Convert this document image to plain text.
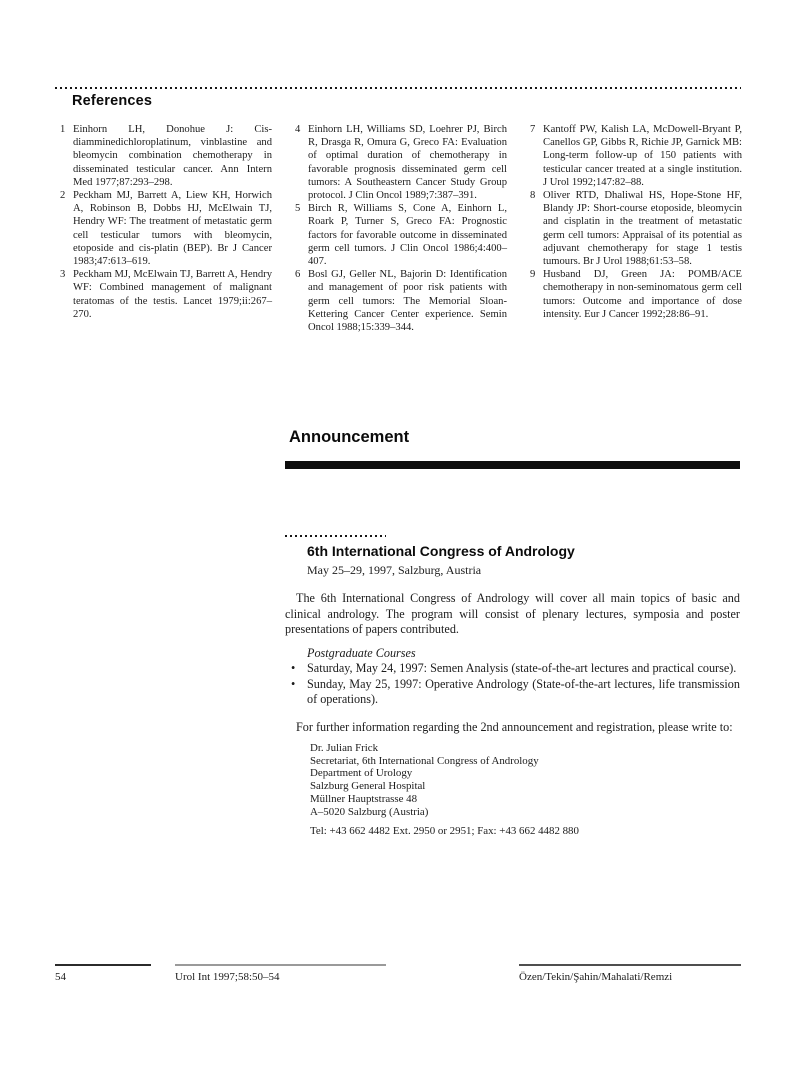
References
1 Einhorn LH, Donohue J: Cis-diamminedichloroplatinum, vinblastine and bleomycin combination chemotherapy in disseminated testicular cancer. Ann Intern Med 1977;87:293–298.
2 Peckham MJ, Barrett A, Liew KH, Horwich A, Robinson B, Dobbs HJ, McElwain TJ, Hendry WF: The treatment of metastatic germ cell testicular tumors with bleomycin, etoposide and cis-platin (BEP). Br J Cancer 1983;47:613–619.
3 Peckham MJ, McElwain TJ, Barrett A, Hendry WF: Combined management of malignant teratomas of the testis. Lancet 1979;ii:267–270.
4 Einhorn LH, Williams SD, Loehrer PJ, Birch R, Drasga R, Omura G, Greco FA: Evaluation of optimal duration of chemotherapy in favorable prognosis disseminated germ cell tumors: A Southeastern Cancer Study Group protocol. J Clin Oncol 1989;7:387–391.
5 Birch R, Williams S, Cone A, Einhorn L, Roark P, Turner S, Greco FA: Prognostic factors for favorable outcome in disseminated germ cell tumors. J Clin Oncol 1986;4:400–407.
6 Bosl GJ, Geller NL, Bajorin D: Identification and management of poor risk patients with germ cell tumors: The Memorial Sloan-Kettering Cancer Center experience. Semin Oncol 1988;15:339–344.
7 Kantoff PW, Kalish LA, McDowell-Bryant P, Canellos GP, Gibbs R, Richie JP, Garnick MB: Long-term follow-up of 150 patients with testicular cancer treated at a single institution. J Urol 1992;147:82–88.
8 Oliver RTD, Dhaliwal HS, Hope-Stone HF, Blandy JP: Short-course etoposide, bleomycin and cisplatin in the treatment of metastatic germ cell tumors: Appraisal of its potential as adjuvant chemotherapy for stage 1 testis tumours. Br J Urol 1988;61:53–58.
9 Husband DJ, Green JA: POMB/ACE chemotherapy in non-seminomatous germ cell tumors: Outcome and importance of dose intensity. Eur J Cancer 1992;28:86–91.
Announcement
6th International Congress of Andrology
May 25–29, 1997, Salzburg, Austria

The 6th International Congress of Andrology will cover all main topics of basic and clinical andrology. The program will consist of plenary lectures, symposia and poster presentations of papers contributed.

Postgraduate Courses
• Saturday, May 24, 1997: Semen Analysis (state-of-the-art lectures and practical course).
• Sunday, May 25, 1997: Operative Andrology (State-of-the-art lectures, life transmission of operations).

For further information regarding the 2nd announcement and registration, please write to:

Dr. Julian Frick
Secretariat, 6th International Congress of Andrology
Department of Urology
Salzburg General Hospital
Müllner Hauptstrasse 48
A–5020 Salzburg (Austria)
Tel: +43 662 4482 Ext. 2950 or 2951; Fax: +43 662 4482 880
54	Urol Int 1997;58:50–54	Özen/Tekin/Şahin/Mahalati/Remzi
